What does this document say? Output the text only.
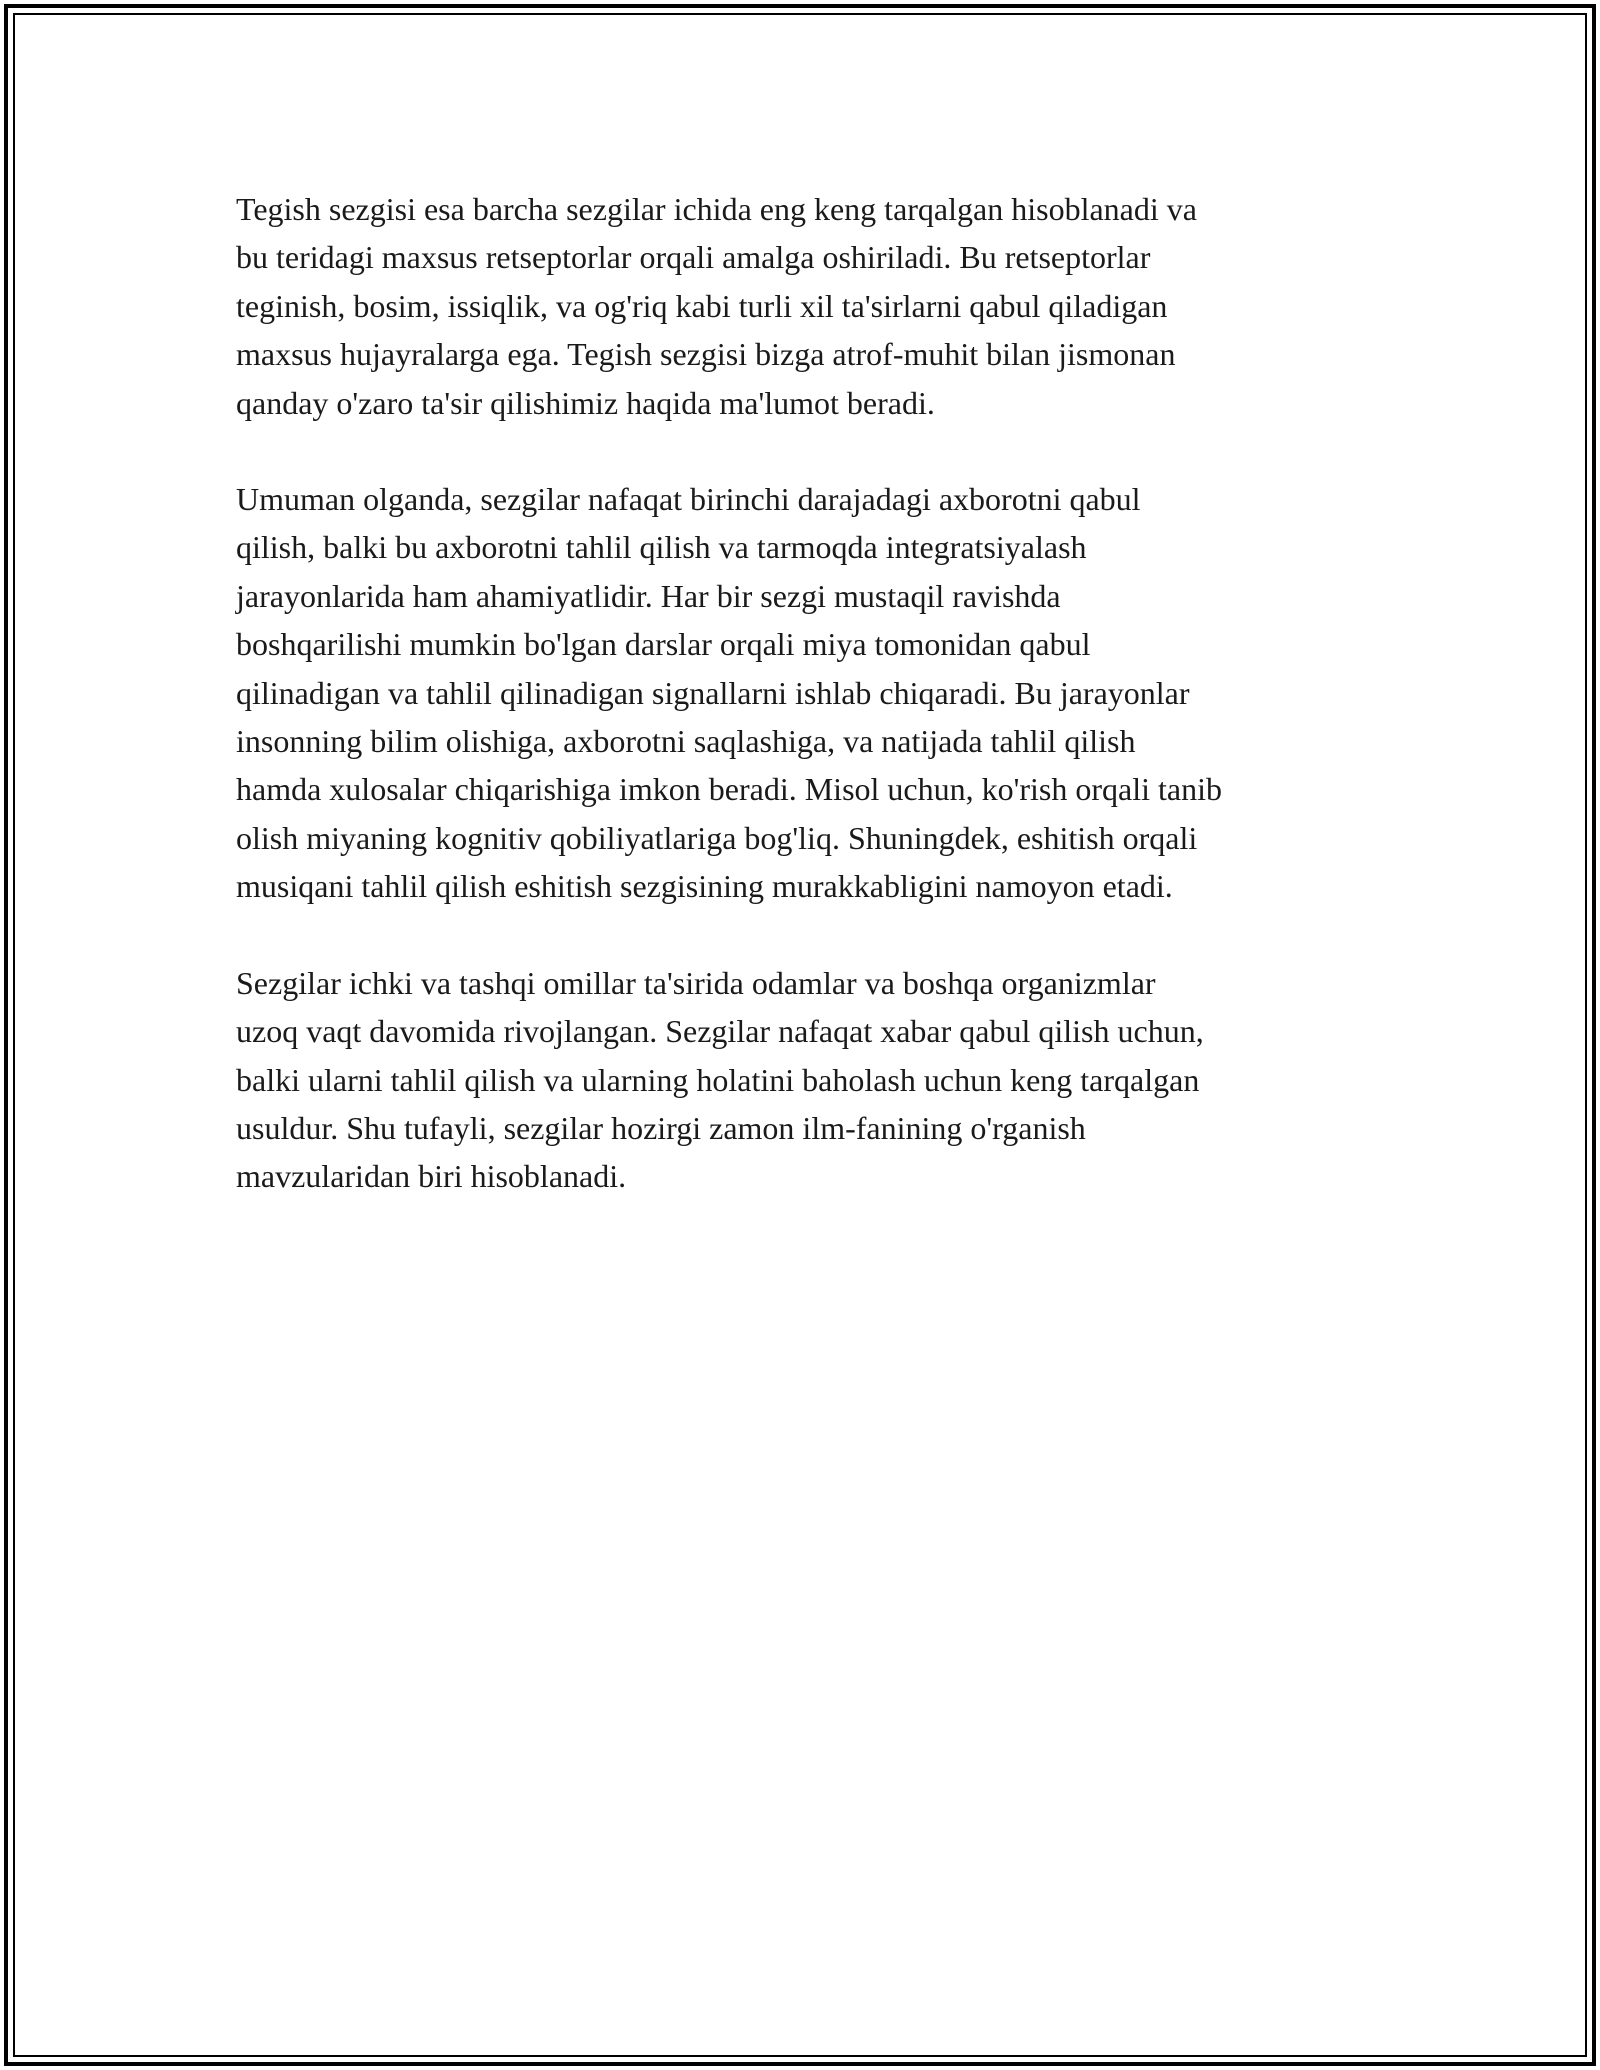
Tegish sezgisi esa barcha sezgilar ichida eng keng tarqalgan hisoblanadi va
bu teridagi maxsus retseptorlar orqali amalga oshiriladi. Bu retseptorlar
teginish, bosim, issiqlik, va og'riq kabi turli xil ta'sirlarni qabul qiladigan
maxsus hujayralarga ega. Tegish sezgisi bizga atrof-muhit bilan jismonan
qanday o'zaro ta'sir qilishimiz haqida ma'lumot beradi.

Umuman olganda, sezgilar nafaqat birinchi darajadagi axborotni qabul
qilish, balki bu axborotni tahlil qilish va tarmoqda integratsiyalash
jarayonlarida ham ahamiyatlidir. Har bir sezgi mustaqil ravishda
boshqarilishi mumkin bo'lgan darslar orqali miya tomonidan qabul
qilinadigan va tahlil qilinadigan signallarni ishlab chiqaradi. Bu jarayonlar
insonning bilim olishiga, axborotni saqlashiga, va natijada tahlil qilish
hamda xulosalar chiqarishiga imkon beradi. Misol uchun, ko'rish orqali tanib
olish miyaning kognitiv qobiliyatlariga bog'liq. Shuningdek, eshitish orqali
musiqani tahlil qilish eshitish sezgisining murakkabligini namoyon etadi.

Sezgilar ichki va tashqi omillar ta'sirida odamlar va boshqa organizmlar
uzoq vaqt davomida rivojlangan. Sezgilar nafaqat xabar qabul qilish uchun,
balki ularni tahlil qilish va ularning holatini baholash uchun keng tarqalgan
usuldur. Shu tufayli, sezgilar hozirgi zamon ilm-fanining o'rganish
mavzularidan biri hisoblanadi.
